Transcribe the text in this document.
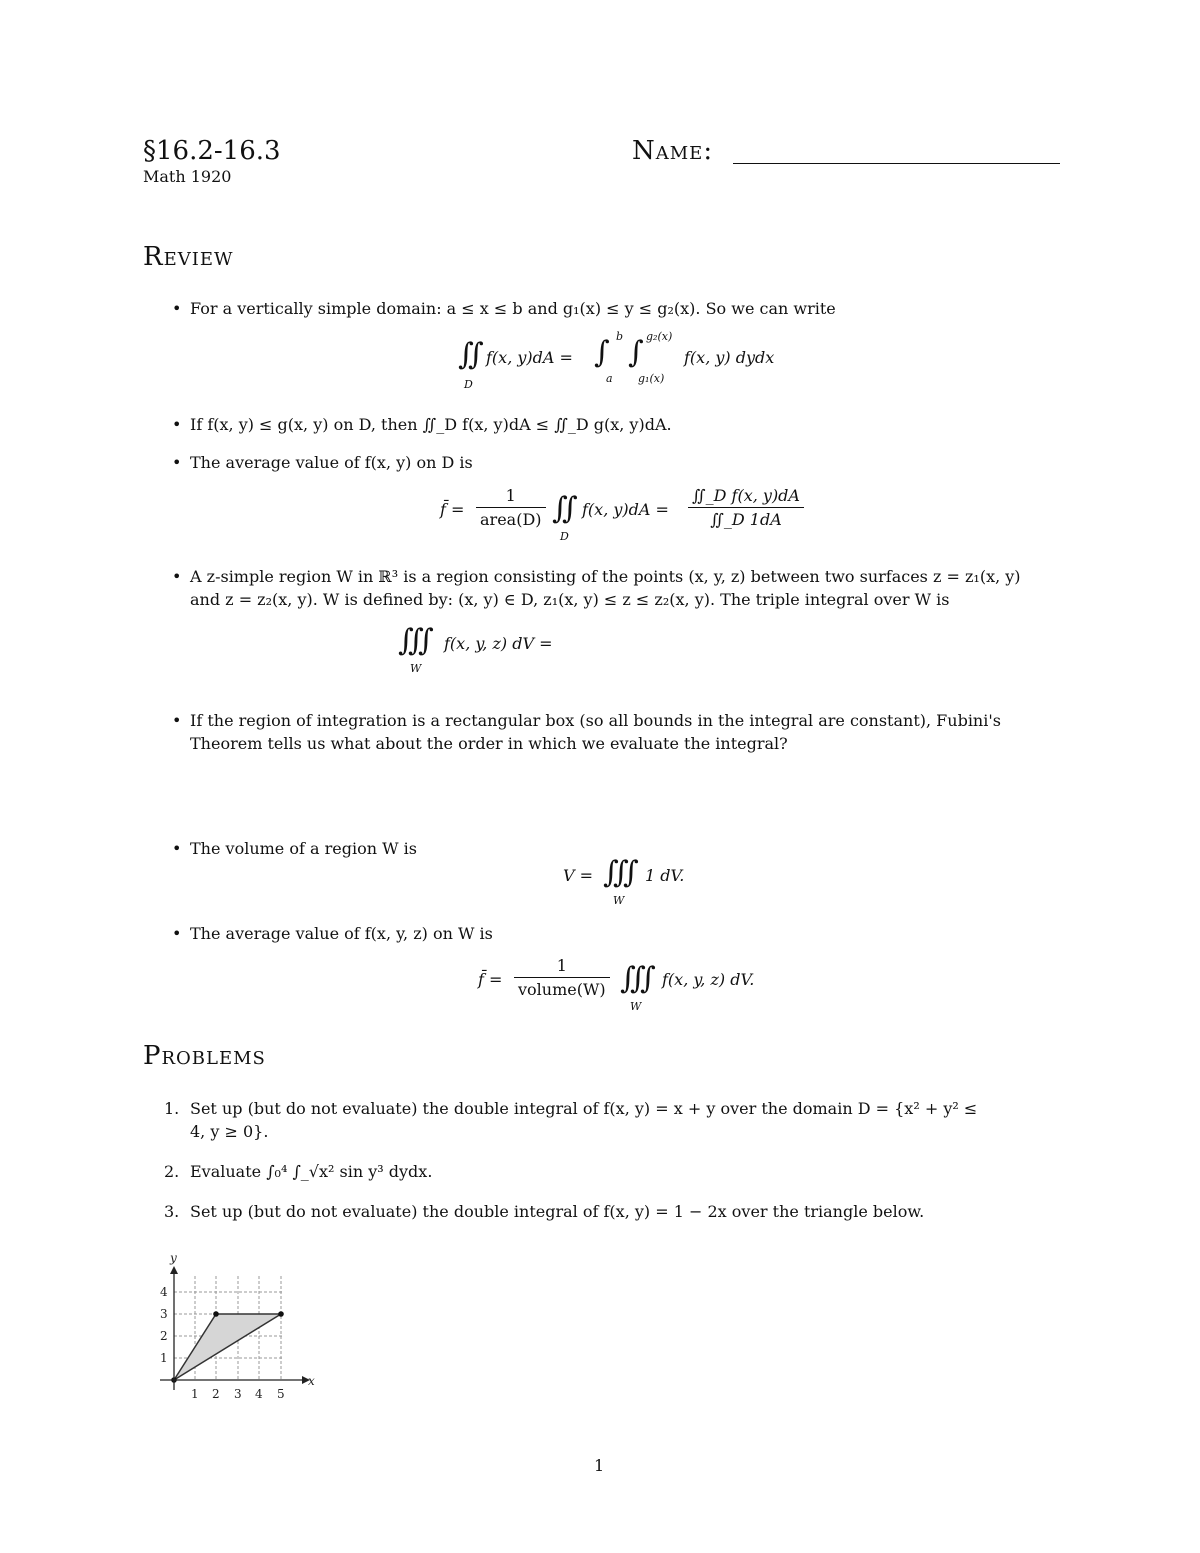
§16.2-16.3
Math 1920
Name:
Review
• For a vertically simple domain: a ≤ x ≤ b and g₁(x) ≤ y ≤ g₂(x). So we can write
∬
D
f(x, y)dA = ∫ b
a
∫ g₂(x)
g₁(x)
f(x, y) dydx
• If f(x, y) ≤ g(x, y) on D, then ∬_D f(x, y)dA ≤ ∬_D g(x, y)dA.
• The average value of f(x, y) on D is
f̄ =
1
area(D) ∬
D
f(x, $y)dA = \frac{\text{∬\_D f(x, y)dA}}{∬\_D 1dA}$
• A z-simple region W in ℝ³ is a region consisting of the points (x, y, z) between two surfaces z = z₁(x, y)
and z = z₂(x, y). W is defined by: (x, y) ∈ D, z₁(x, y) ≤ z ≤ z₂(x, y). The triple integral over W is
∭
W
f(x, y, z) dV =
• If the region of integration is a rectangular box (so all bounds in the integral are constant), Fubini's
Theorem tells us what about the order in which we evaluate the integral?
• The volume of a region W is
V = ∭
W
1 dV.
• The average value of f(x, y, z) on W is
f̄ =
1
volume(W) ∭
W
f(x, y, z) dV.
Problems
1. Set up (but do not evaluate) the double integral of f(x, y) = x + y over the domain D = {x² + y² ≤
4, y ≥ 0}.
2. Evaluate ∫₀⁴ ∫_√x² sin y³ dydx.
3. Set up (but do not evaluate) the double integral of f(x, y) = 1 − 2x over the triangle below.
1 2 3 4 5
1
2
3
4
x
y
1
